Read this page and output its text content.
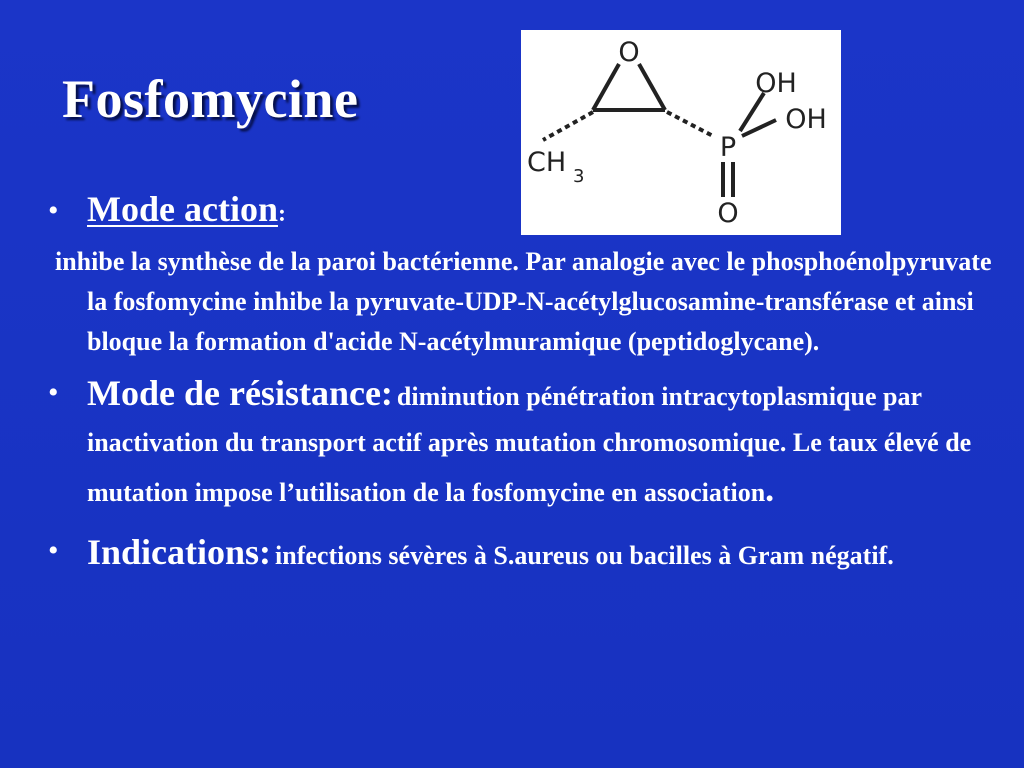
Fosfomycine
O
OH
OH
P
O
CH 3
• Mode action:
inhibe la synthèse de la paroi bactérienne. Par analogie avec le phosphoénolpyruvate la fosfomycine inhibe la pyruvate-UDP-N-acétylglucosamine-transférase et ainsi bloque la formation d'acide N-acétylmuramique (peptidoglycane).
• Mode de résistance: diminution pénétration intracytoplasmique par inactivation du transport actif après mutation chromosomique. Le taux élevé de mutation impose l’utilisation de la fosfomycine en association.
• Indications: infections sévères à S.aureus ou bacilles à Gram négatif.
